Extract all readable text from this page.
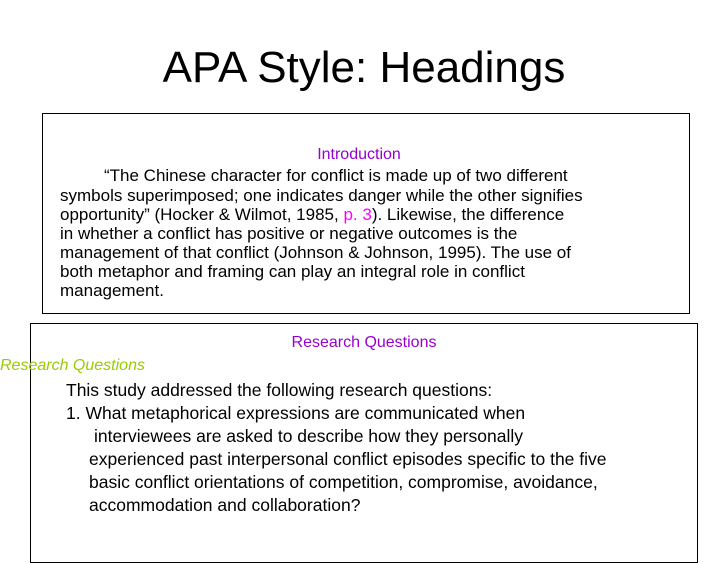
APA Style: Headings
Introduction
“The Chinese character for conflict is made up of two different
symbols superimposed; one indicates danger while the other signifies
opportunity” (Hocker & Wilmot, 1985, p. 3). Likewise, the difference
in whether a conflict has positive or negative outcomes is the
management of that conflict (Johnson & Johnson, 1995). The use of
both metaphor and framing can play an integral role in conflict
management.
Research Questions
Research Questions
This study addressed the following research questions:
1. What metaphorical expressions are communicated when
interviewees are asked to describe how they personally
experienced past interpersonal conflict episodes specific to the five
basic conflict orientations of competition, compromise, avoidance,
accommodation and collaboration?
